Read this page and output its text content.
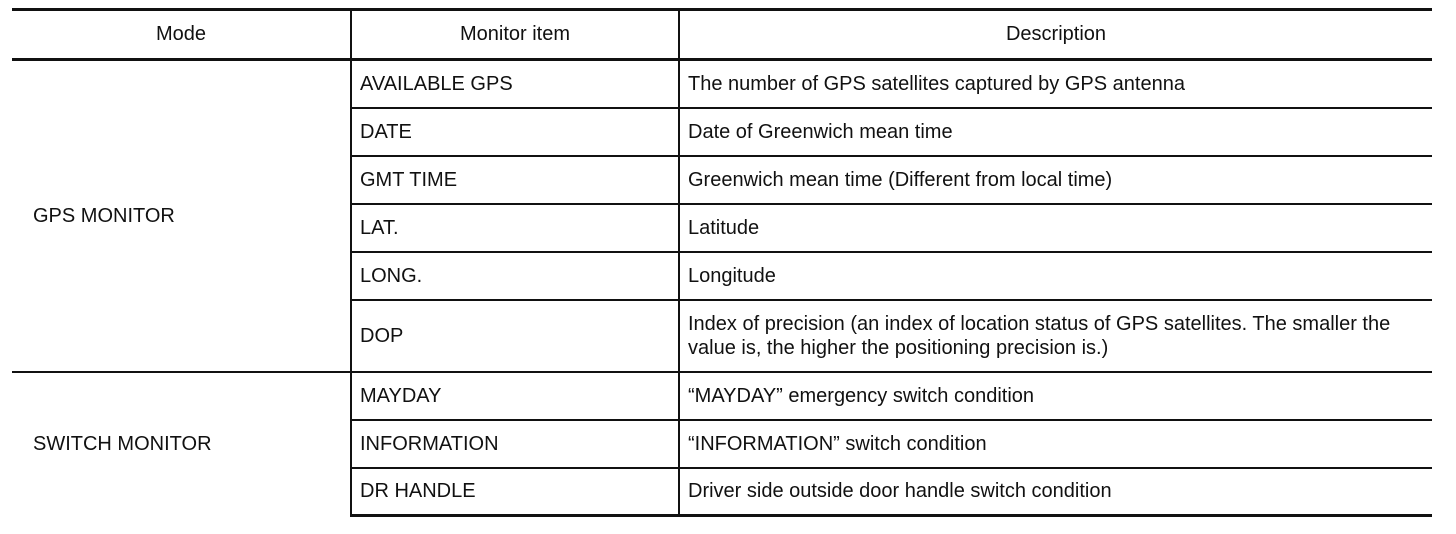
Mode	Monitor item	Description
GPS MONITOR	AVAILABLE GPS	The number of GPS satellites captured by GPS antenna
	DATE	Date of Greenwich mean time
	GMT TIME	Greenwich mean time (Different from local time)
	LAT.	Latitude
	LONG.	Longitude
	DOP	Index of precision (an index of location status of GPS satellites. The smaller the value is, the higher the positioning precision is.)
SWITCH MONITOR	MAYDAY	“MAYDAY” emergency switch condition
	INFORMATION	“INFORMATION” switch condition
	DR HANDLE	Driver side outside door handle switch condition
